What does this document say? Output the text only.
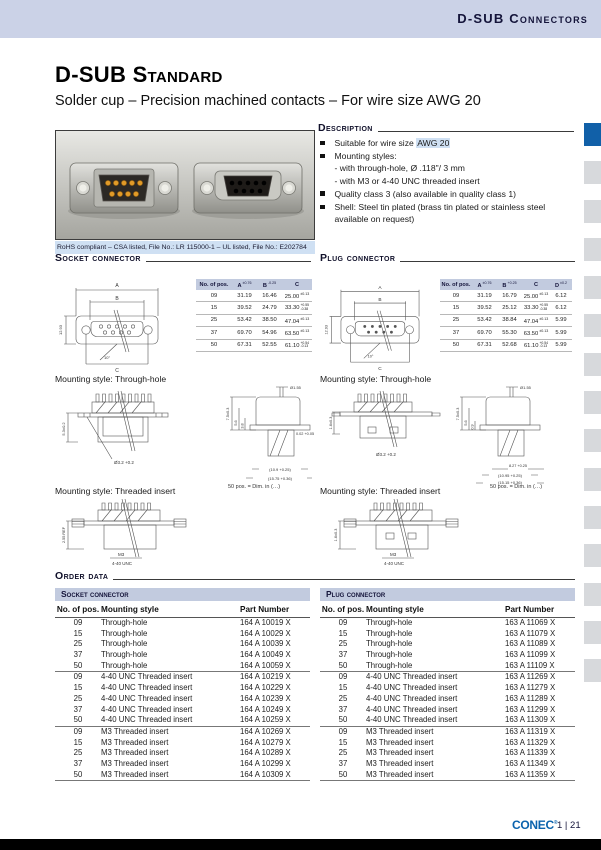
D-SUB Connectors
D-SUB Standard
Solder cup – Precision machined contacts – For wire size AWG 20
RoHS compliant – CSA listed, File No.: LR 115000-1 – UL listed, File No.: E202784
Description
Suitable for wire size AWG 20
Mounting styles:
- with through-hole, Ø .118"/ 3 mm
- with M3 or 4-40 UNC threaded insert
Quality class 3 (also available in quality class 1)
Shell: Steel tin plated (brass tin plated or stainless steel available on request)
Socket connector	Plug connector
A
B
C
12.93
10°
No. of pos.	$A^{\pm 0.76}$	$B^{-0.25}$	C
09	31.19	16.46	$25.00^{\pm 0.13}$
15	39.52	24.79	33.30
+0.55
-0.38
25	53.42	38.50	$47.04^{\pm 0.13}$
37	69.70	54.96	$63.50^{\pm 0.13}$
50	67.31	52.55	61.10
+0.54
-0.13
A
B
C
12.93
10°
No. of pos.	$A^{\pm 0.76}$	$B^{+0.25}$	C	$D^{\pm 0.2}$
09	31.19	16.79	$25.00^{\pm 0.13}$	6.12
15	39.52	25.12	33.30
+0.55
-0.38	6.12
25	53.42	38.84	$47.04^{\pm 0.13}$	5.99
37	69.70	55.30	$63.50^{\pm 0.13}$	5.99
50	67.31	52.68	61.10
+0.54
-0.13	5.99
Mounting style: Through-hole	Mounting style: Through-hole
5.3±0.2
Ø3.2 +0.2
Ø1.55
7.5±0.3
5.6
3.8
0.02 +0.05
(10.9 +0.25)
(15.75 +0.36)
1.6±0.3
Ø3.2 +0.2
Ø1.55
7.5±0.3
5.6
0.9
8.27 +0.25
(10.95 +0.25)
(15.15 +0.36)
50 pos. = Dim. in (…)	50 pos. = Dim. in (…)
Mounting style: Threaded insert	Mounting style: Threaded insert
2.55 REF
M3
4-40 UNC
1.6±0.3
M3
4-40 UNC
Order data
Socket connector
No. of pos. Mounting style	Part Number
09	Through-hole	164 A 10019 X
15	Through-hole	164 A 10029 X
25	Through-hole	164 A 10039 X
37	Through-hole	164 A 10049 X
50	Through-hole	164 A 10059 X
09	4-40 UNC Threaded insert	164 A 10219 X
15	4-40 UNC Threaded insert	164 A 10229 X
25	4-40 UNC Threaded insert	164 A 10239 X
37	4-40 UNC Threaded insert	164 A 10249 X
50	4-40 UNC Threaded insert	164 A 10259 X
09	M3 Threaded insert	164 A 10269 X
15	M3 Threaded insert	164 A 10279 X
25	M3 Threaded insert	164 A 10289 X
37	M3 Threaded insert	164 A 10299 X
50	M3 Threaded insert	164 A 10309 X
Plug connector
No. of pos. Mounting style	Part Number
09	Through-hole	163 A 11069 X
15	Through-hole	163 A 11079 X
25	Through-hole	163 A 11089 X
37	Through-hole	163 A 11099 X
50	Through-hole	163 A 11109 X
09	4-40 UNC Threaded insert	163 A 11269 X
15	4-40 UNC Threaded insert	163 A 11279 X
25	4-40 UNC Threaded insert	163 A 11289 X
37	4-40 UNC Threaded insert	163 A 11299 X
50	4-40 UNC Threaded insert	163 A 11309 X
09	M3 Threaded insert	163 A 11319 X
15	M3 Threaded insert	163 A 11329 X
25	M3 Threaded insert	163 A 11339 X
37	M3 Threaded insert	163 A 11349 X
50	M3 Threaded insert	163 A 11359 X
CONEC® 1 | 21
